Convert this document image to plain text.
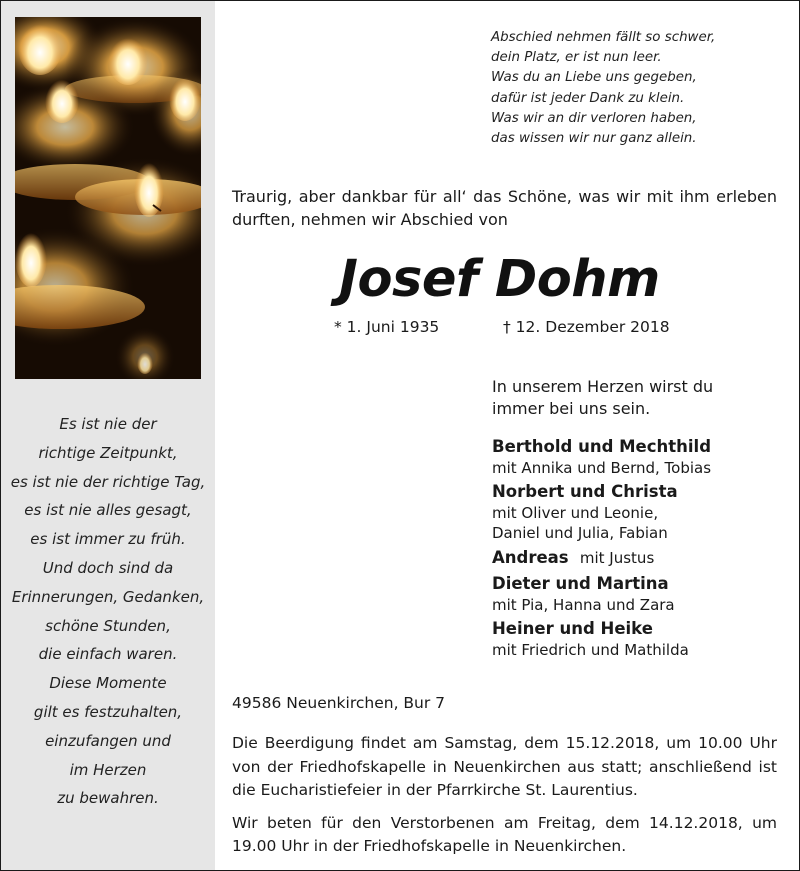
Es ist nie der
richtige Zeitpunkt,
es ist nie der richtige Tag,
es ist nie alles gesagt,
es ist immer zu früh.
Und doch sind da
Erinnerungen, Gedanken,
schöne Stunden,
die einfach waren.
Diese Momente
gilt es festzuhalten,
einzufangen und
im Herzen
zu bewahren.
Abschied nehmen fällt so schwer,
dein Platz, er ist nun leer.
Was du an Liebe uns gegeben,
dafür ist jeder Dank zu klein.
Was wir an dir verloren haben,
das wissen wir nur ganz allein.
Traurig, aber dankbar für all‘ das Schöne, was wir mit ihm erleben durften, nehmen wir Abschied von
Josef Dohm
* 1. Juni 1935	† 12. Dezember 2018
In unserem Herzen wirst du
immer bei uns sein.
Berthold und Mechthild
mit Annika und Bernd, Tobias
Norbert und Christa
mit Oliver und Leonie,
Daniel und Julia, Fabian
Andreas mit Justus
Dieter und Martina
mit Pia, Hanna und Zara
Heiner und Heike
mit Friedrich und Mathilda
49586 Neuenkirchen, Bur 7
Die Beerdigung findet am Samstag, dem 15.12.2018, um 10.00 Uhr von der Friedhofskapelle in Neuenkirchen aus statt; anschließend ist die Eucharistiefeier in der Pfarrkirche St. Laurentius.
Wir beten für den Verstorbenen am Freitag, dem 14.12.2018, um 19.00 Uhr in der Friedhofskapelle in Neuenkirchen.
